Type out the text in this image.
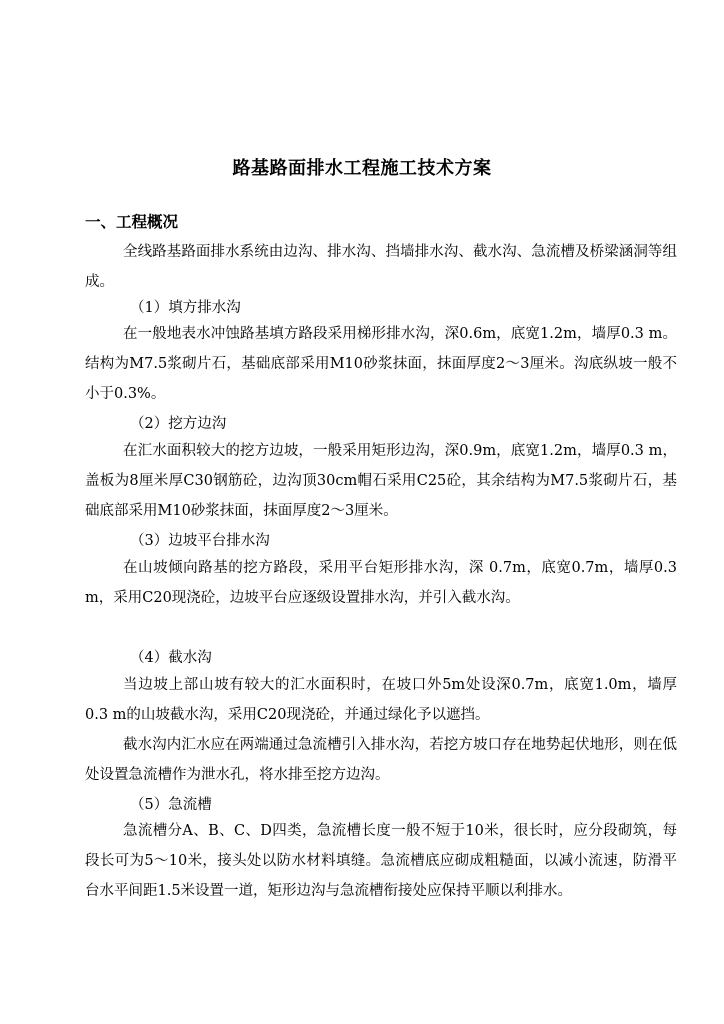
路基路面排水工程施工技术方案
一、工程概况

全线路基路面排水系统由边沟、排水沟、挡墙排水沟、截水沟、急流槽及桥梁涵洞等组成。

（1）填方排水沟

在一般地表水冲蚀路基填方路段采用梯形排水沟，深0.6m，底宽1.2m，墙厚0.3 m。结构为M7.5浆砌片石，基础底部采用M10砂浆抹面，抹面厚度2～3厘米。沟底纵坡一般不小于0.3%。

（2）挖方边沟

在汇水面积较大的挖方边坡，一般采用矩形边沟，深0.9m，底宽1.2m，墙厚0.3 m，盖板为8厘米厚C30钢筋砼，边沟顶30cm帽石采用C25砼，其余结构为M7.5浆砌片石，基础底部采用M10砂浆抹面，抹面厚度2～3厘米。

（3）边坡平台排水沟

在山坡倾向路基的挖方路段，采用平台矩形排水沟，深 0.7m，底宽0.7m，墙厚0.3 m，采用C20现浇砼，边坡平台应逐级设置排水沟，并引入截水沟。

（4）截水沟

当边坡上部山坡有较大的汇水面积时，在坡口外5m处设深0.7m，底宽1.0m，墙厚0.3 m的山坡截水沟，采用C20现浇砼，并通过绿化予以遮挡。

截水沟内汇水应在两端通过急流槽引入排水沟，若挖方坡口存在地势起伏地形，则在低处设置急流槽作为泄水孔，将水排至挖方边沟。

（5）急流槽

急流槽分A、B、C、D四类，急流槽长度一般不短于10米，很长时，应分段砌筑，每段长可为5～10米，接头处以防水材料填缝。急流槽底应砌成粗糙面，以减小流速，防滑平台水平间距1.5米设置一道，矩形边沟与急流槽衔接处应保持平顺以利排水。
